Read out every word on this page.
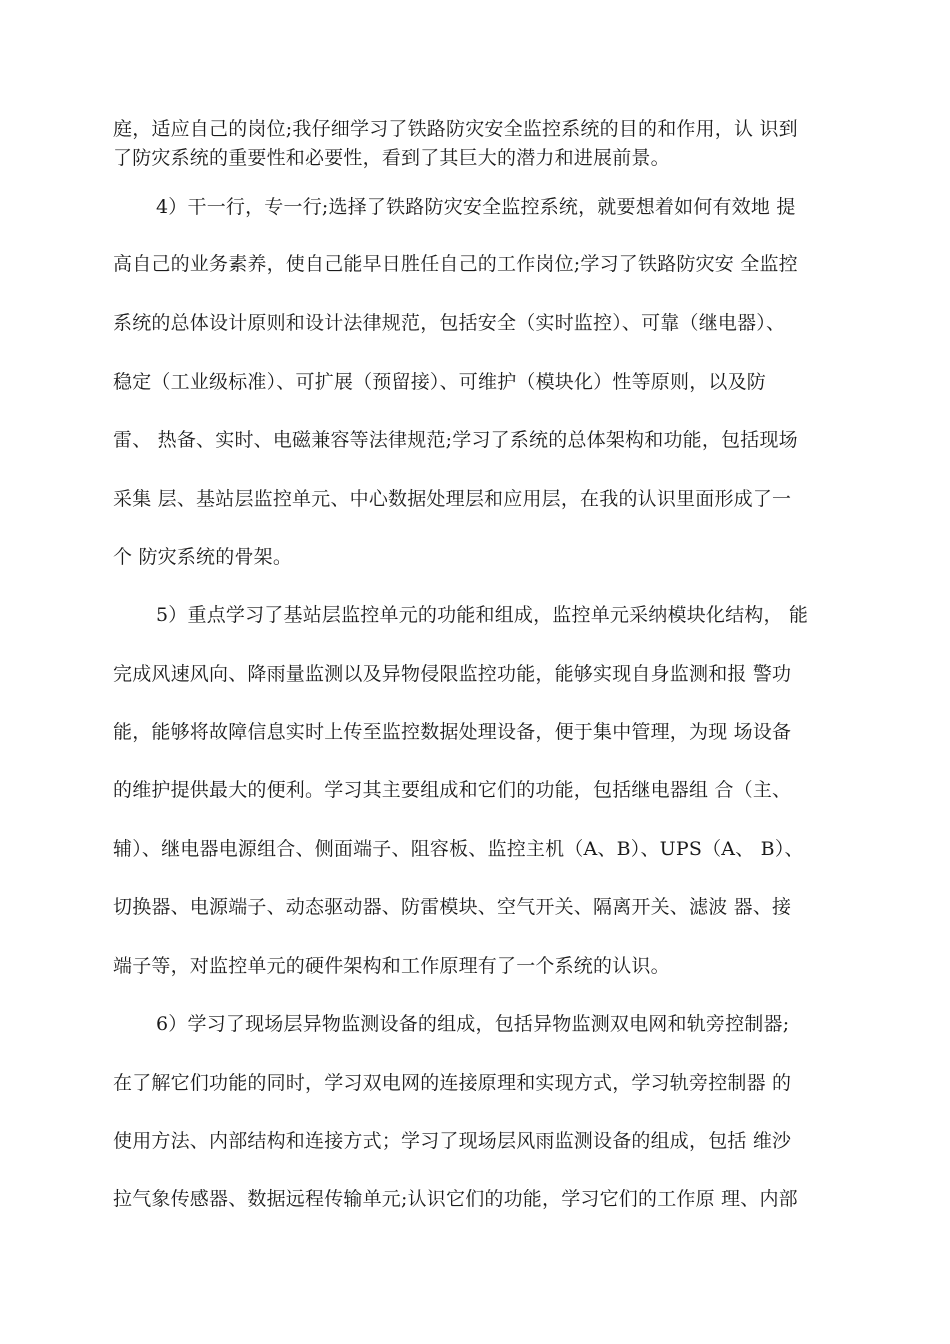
庭，适应自己的岗位;我仔细学习了铁路防灾安全监控系统的目的和作用，认 识到
了防灾系统的重要性和必要性，看到了其巨大的潜力和进展前景。
4）干一行，专一行;选择了铁路防灾安全监控系统，就要想着如何有效地 提
高自己的业务素养，使自己能早日胜任自己的工作岗位;学习了铁路防灾安 全监控
系统的总体设计原则和设计法律规范，包括安全（实时监控）、可靠（继电器）、
稳定（工业级标准）、可扩展（预留接）、可维护（模块化）性等原则，以及防
雷、 热备、实时、电磁兼容等法律规范;学习了系统的总体架构和功能，包括现场
采集 层、基站层监控单元、中心数据处理层和应用层，在我的认识里面形成了一
个 防灾系统的骨架。
5）重点学习了基站层监控单元的功能和组成，监控单元采纳模块化结构， 能
完成风速风向、降雨量监测以及异物侵限监控功能，能够实现自身监测和报 警功
能，能够将故障信息实时上传至监控数据处理设备，便于集中管理，为现 场设备
的维护提供最大的便利。学习其主要组成和它们的功能，包括继电器组 合（主、
辅）、继电器电源组合、侧面端子、阻容板、监控主机（A、B）、UPS（A、 B）、
切换器、电源端子、动态驱动器、防雷模块、空气开关、隔离开关、滤波 器、接
端子等，对监控单元的硬件架构和工作原理有了一个系统的认识。
6）学习了现场层异物监测设备的组成，包括异物监测双电网和轨旁控制器;
在了解它们功能的同时，学习双电网的连接原理和实现方式，学习轨旁控制器 的
使用方法、内部结构和连接方式；学习了现场层风雨监测设备的组成，包括 维沙
拉气象传感器、数据远程传输单元;认识它们的功能，学习它们的工作原 理、内部
